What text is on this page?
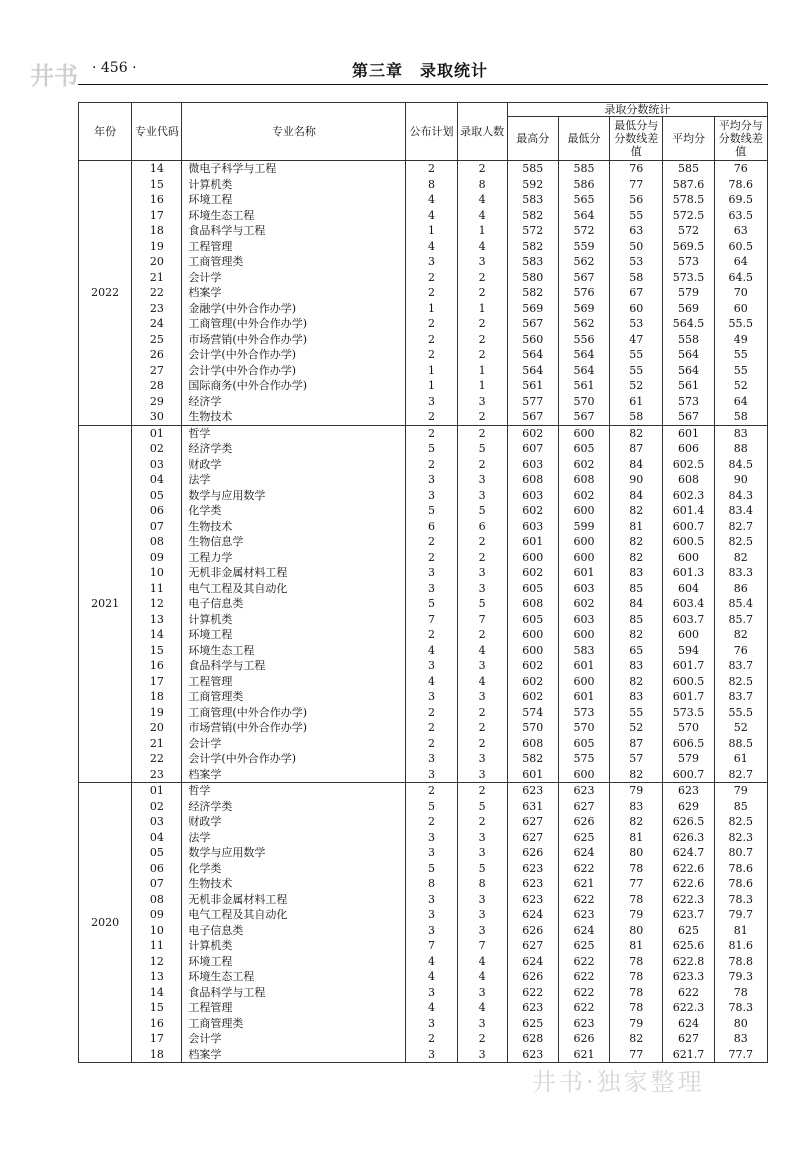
井书 · 456 ·	第三章　录取统计
年份	专业代码	专业名称	公布计划	录取人数	录取分数统计				
					最高分	最低分	最低分与分数线差值	平均分	平均分与分数线差值
2022	14	微电子科学与工程	2	2	585	585	76	585	76
	15	计算机类	8	8	592	586	77	587.6	78.6
	16	环境工程	4	4	583	565	56	578.5	69.5
	17	环境生态工程	4	4	582	564	55	572.5	63.5
	18	食品科学与工程	1	1	572	572	63	572	63
	19	工程管理	4	4	582	559	50	569.5	60.5
	20	工商管理类	3	3	583	562	53	573	64
	21	会计学	2	2	580	567	58	573.5	64.5
	22	档案学	2	2	582	576	67	579	70
	23	金融学(中外合作办学)	1	1	569	569	60	569	60
	24	工商管理(中外合作办学)	2	2	567	562	53	564.5	55.5
	25	市场营销(中外合作办学)	2	2	560	556	47	558	49
	26	会计学(中外合作办学)	2	2	564	564	55	564	55
	27	会计学(中外合作办学)	1	1	564	564	55	564	55
	28	国际商务(中外合作办学)	1	1	561	561	52	561	52
	29	经济学	3	3	577	570	61	573	64
	30	生物技术	2	2	567	567	58	567	58
2021	01	哲学	2	2	602	600	82	601	83
	02	经济学类	5	5	607	605	87	606	88
	03	财政学	2	2	603	602	84	602.5	84.5
	04	法学	3	3	608	608	90	608	90
	05	数学与应用数学	3	3	603	602	84	602.3	84.3
	06	化学类	5	5	602	600	82	601.4	83.4
	07	生物技术	6	6	603	599	81	600.7	82.7
	08	生物信息学	2	2	601	600	82	600.5	82.5
	09	工程力学	2	2	600	600	82	600	82
	10	无机非金属材料工程	3	3	602	601	83	601.3	83.3
	11	电气工程及其自动化	3	3	605	603	85	604	86
	12	电子信息类	5	5	608	602	84	603.4	85.4
	13	计算机类	7	7	605	603	85	603.7	85.7
	14	环境工程	2	2	600	600	82	600	82
	15	环境生态工程	4	4	600	583	65	594	76
	16	食品科学与工程	3	3	602	601	83	601.7	83.7
	17	工程管理	4	4	602	600	82	600.5	82.5
	18	工商管理类	3	3	602	601	83	601.7	83.7
	19	工商管理(中外合作办学)	2	2	574	573	55	573.5	55.5
	20	市场营销(中外合作办学)	2	2	570	570	52	570	52
	21	会计学	2	2	608	605	87	606.5	88.5
	22	会计学(中外合作办学)	3	3	582	575	57	579	61
	23	档案学	3	3	601	600	82	600.7	82.7
2020	01	哲学	2	2	623	623	79	623	79
	02	经济学类	5	5	631	627	83	629	85
	03	财政学	2	2	627	626	82	626.5	82.5
	04	法学	3	3	627	625	81	626.3	82.3
	05	数学与应用数学	3	3	626	624	80	624.7	80.7
	06	化学类	5	5	623	622	78	622.6	78.6
	07	生物技术	8	8	623	621	77	622.6	78.6
	08	无机非金属材料工程	3	3	623	622	78	622.3	78.3
	09	电气工程及其自动化	3	3	624	623	79	623.7	79.7
	10	电子信息类	3	3	626	624	80	625	81
	11	计算机类	7	7	627	625	81	625.6	81.6
	12	环境工程	4	4	624	622	78	622.8	78.8
	13	环境生态工程	4	4	626	622	78	623.3	79.3
	14	食品科学与工程	3	3	622	622	78	622	78
	15	工程管理	4	4	623	622	78	622.3	78.3
	16	工商管理类	3	3	625	623	79	624	80
	17	会计学	2	2	628	626	82	627	83
	18	档案学	3	3	623	621	77	621.7	77.7
井书·独家整理
